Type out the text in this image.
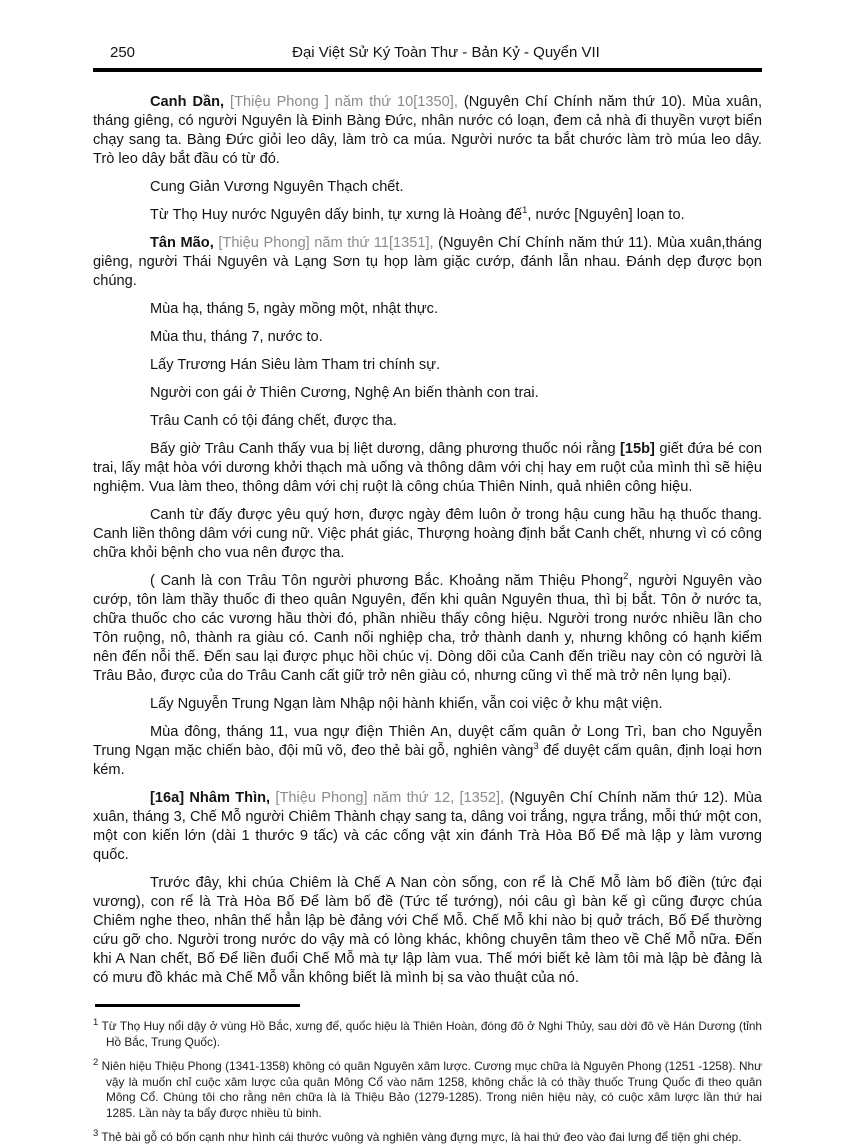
250	Đại Việt Sử Ký Toàn Thư - Bản Kỷ - Quyển VII

Canh Dần, [Thiệu Phong ] năm thứ 10[1350], (Nguyên Chí Chính năm thứ 10). Mùa xuân, tháng giêng, có người Nguyên là Đinh Bàng Đức, nhân nước có loạn, đem cả nhà đi thuyền vượt biển chạy sang ta. Bàng Đức giỏi leo dây, làm trò ca múa. Người nước ta bắt chước làm trò múa leo dây. Trò leo dây bắt đầu có từ đó.

Cung Giản Vương Nguyên Thạch chết.

Từ Thọ Huy nước Nguyên dấy binh, tự xưng là Hoàng đế$^1$, nước [Nguyên] loạn to.

Tân Mão, [Thiệu Phong] năm thứ 11[1351], (Nguyên Chí Chính năm thứ 11). Mùa xuân,tháng giêng, người Thái Nguyên và Lạng Sơn tụ họp làm giặc cướp, đánh lẫn nhau. Đánh dẹp được bọn chúng.

Mùa hạ, tháng 5, ngày mồng một, nhật thực.

Mùa thu, tháng 7, nước to.

Lấy Trương Hán Siêu làm Tham tri chính sự.

Người con gái ở Thiên Cương, Nghệ An biến thành con trai.

Trâu Canh có tội đáng chết, được tha.

Bấy giờ Trâu Canh thấy vua bị liệt dương, dâng phương thuốc nói rằng [15b] giết đứa bé con trai, lấy mật hòa với dương khởi thạch mà uống và thông dâm với chị hay em ruột của mình thì sẽ hiệu nghiệm. Vua làm theo, thông dâm với chị ruột là công chúa Thiên Ninh, quả nhiên công hiệu.

Canh từ đấy được yêu quý hơn, được ngày đêm luôn ở trong hậu cung hầu hạ thuốc thang. Canh liền thông dâm với cung nữ. Việc phát giác, Thượng hoàng định bắt Canh chết, nhưng vì có công chữa khỏi bệnh cho vua nên được tha.

( Canh là con Trâu Tôn người phương Bắc. Khoảng năm Thiệu Phong$^2$, người Nguyên vào cướp, tôn làm thầy thuốc đi theo quân Nguyên, đến khi quân Nguyên thua, thì bị bắt. Tôn ở nước ta, chữa thuốc cho các vương hầu thời đó, phần nhiều thấy công hiệu. Người trong nước nhiều lần cho Tôn ruộng, nô, thành ra giàu có. Canh nối nghiệp cha, trở thành danh y, nhưng không có hạnh kiểm nên đến nỗi thế. Đến sau lại được phục hồi chúc vị. Dòng dõi của Canh đến triều nay còn có người là Trâu Bảo, được của do Trâu Canh cất giữ trở nên giàu có, nhưng cũng vì thế mà trở nên lụng bại).

Lấy Nguyễn Trung Ngạn làm Nhập nội hành khiển, vẫn coi việc ở khu mật viện.

Mùa đông, tháng 11, vua ngự điện Thiên An, duyệt cấm quân ở Long Trì, ban cho Nguyễn Trung Ngạn mặc chiến bào, đội mũ võ, đeo thẻ bài gỗ, nghiên vàng$^3$ để duyệt cấm quân, định loại hơn kém.

[16a] Nhâm Thìn, [Thiệu Phong] năm thứ 12, [1352], (Nguyên Chí Chính năm thứ 12). Mùa xuân, tháng 3, Chế Mỗ người Chiêm Thành chạy sang ta, dâng voi trắng, ngựa trắng, mỗi thứ một con, một con kiến lớn (dài 1 thước 9 tấc) và các cống vật xin đánh Trà Hòa Bố Để mà lập y làm vương quốc.

Trước đây, khi chúa Chiêm là Chế A Nan còn sống, con rể là Chế Mỗ làm bố điền (tức đại vương), con rể là Trà Hòa Bố Để làm bố đề (Tức tể tướng), nói câu gì bàn kế gì cũng được chúa Chiêm nghe theo, nhân thế hẳn lập bè đảng với Chế Mỗ. Chế Mỗ khi nào bị quở trách, Bố Để thường cứu gỡ cho. Người trong nước do vậy mà có lòng khác, không chuyên tâm theo về Chế Mỗ nữa. Đến khi A Nan chết, Bố Để liền đuổi Chế Mỗ mà tự lập làm vua. Thế mới biết kẻ làm tôi mà lập bè đảng là có mưu đồ khác mà Chế Mỗ vẫn không biết là mình bị sa vào thuật của nó.

$^1$ Từ Thọ Huy nổi dậy ở vùng Hồ Bắc, xưng đế, quốc hiệu là Thiên Hoàn, đóng đô ở Nghi Thủy, sau dời đô về Hán Dương (tỉnh Hồ Bắc, Trung Quốc).
$^2$ Niên hiệu Thiệu Phong (1341-1358) không có quân Nguyên xâm lược. Cương mục chữa là Nguyên Phong (1251 -1258). Như vậy là muốn chỉ cuộc xâm lược của quân Mông Cổ vào năm 1258, không chắc là có thầy thuốc Trung Quốc đi theo quân Mông Cổ. Chúng tôi cho rằng nên chữa là là Thiệu Bảo (1279-1285). Trong niên hiệu này, có cuộc xâm lược lần thứ hai 1285. Lần này ta bẩy được nhiều tù binh.
$^3$ Thẻ bài gỗ có bốn cạnh như hình cái thước vuông và nghiên vàng đựng mực, là hai thứ đeo vào đai lưng để tiện ghi chép.
